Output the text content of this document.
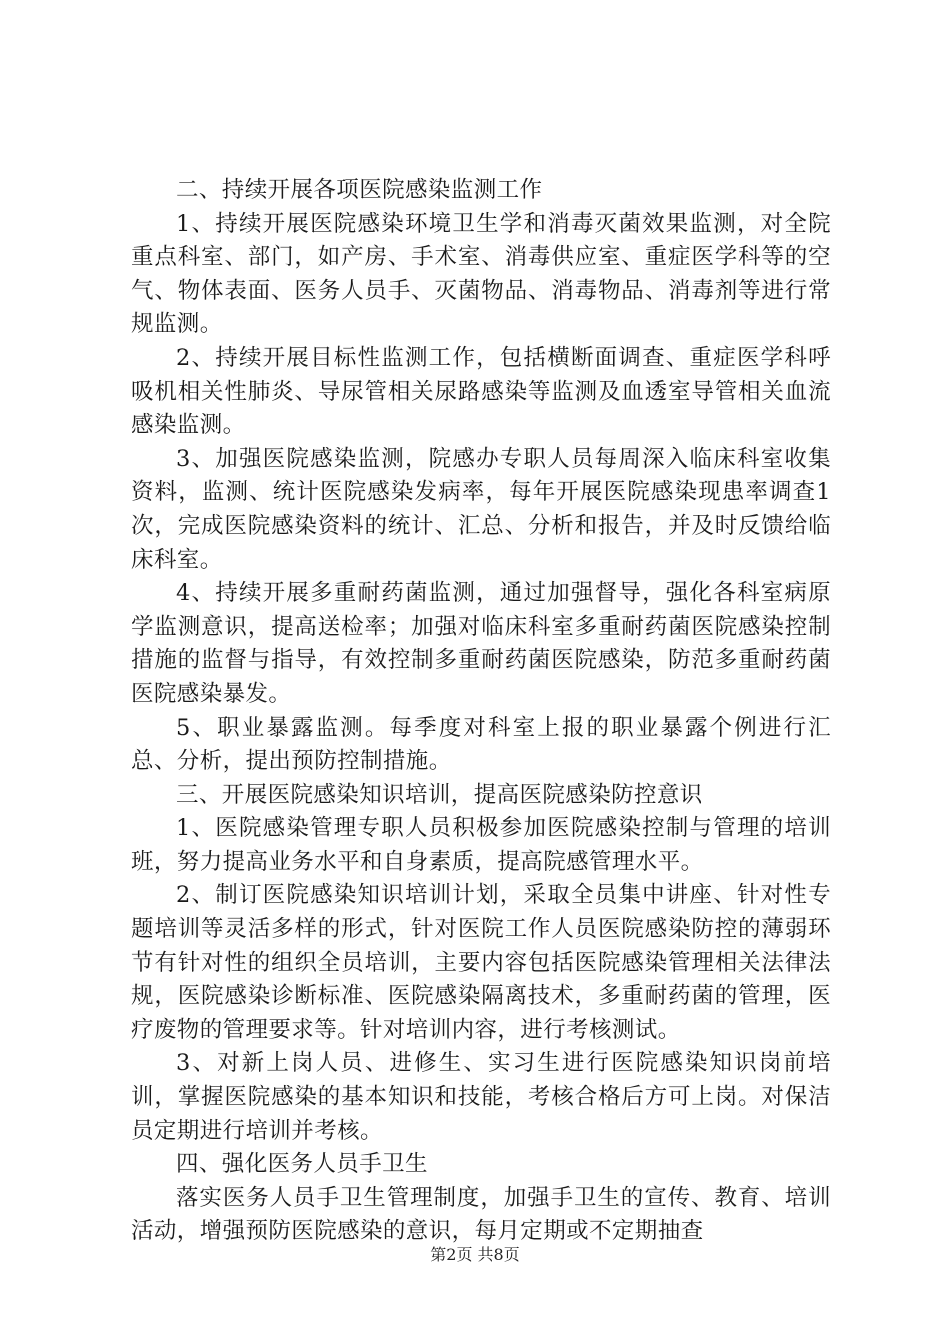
二、持续开展各项医院感染监测工作

1、持续开展医院感染环境卫生学和消毒灭菌效果监测，对全院重点科室、部门，如产房、手术室、消毒供应室、重症医学科等的空气、物体表面、医务人员手、灭菌物品、消毒物品、消毒剂等进行常规监测。

2、持续开展目标性监测工作，包括横断面调查、重症医学科呼吸机相关性肺炎、导尿管相关尿路感染等监测及血透室导管相关血流感染监测。

3、加强医院感染监测，院感办专职人员每周深入临床科室收集资料，监测、统计医院感染发病率，每年开展医院感染现患率调查1次，完成医院感染资料的统计、汇总、分析和报告，并及时反馈给临床科室。

4、持续开展多重耐药菌监测，通过加强督导，强化各科室病原学监测意识，提高送检率；加强对临床科室多重耐药菌医院感染控制措施的监督与指导，有效控制多重耐药菌医院感染，防范多重耐药菌医院感染暴发。

5、职业暴露监测。每季度对科室上报的职业暴露个例进行汇总、分析，提出预防控制措施。

三、开展医院感染知识培训，提高医院感染防控意识

1、医院感染管理专职人员积极参加医院感染控制与管理的培训班，努力提高业务水平和自身素质，提高院感管理水平。

2、制订医院感染知识培训计划，采取全员集中讲座、针对性专题培训等灵活多样的形式，针对医院工作人员医院感染防控的薄弱环节有针对性的组织全员培训，主要内容包括医院感染管理相关法律法规，医院感染诊断标准、医院感染隔离技术，多重耐药菌的管理，医疗废物的管理要求等。针对培训内容，进行考核测试。

3、对新上岗人员、进修生、实习生进行医院感染知识岗前培训，掌握医院感染的基本知识和技能，考核合格后方可上岗。对保洁员定期进行培训并考核。

四、强化医务人员手卫生

落实医务人员手卫生管理制度，加强手卫生的宣传、教育、培训活动，增强预防医院感染的意识，每月定期或不定期抽查

第2页 共8页
